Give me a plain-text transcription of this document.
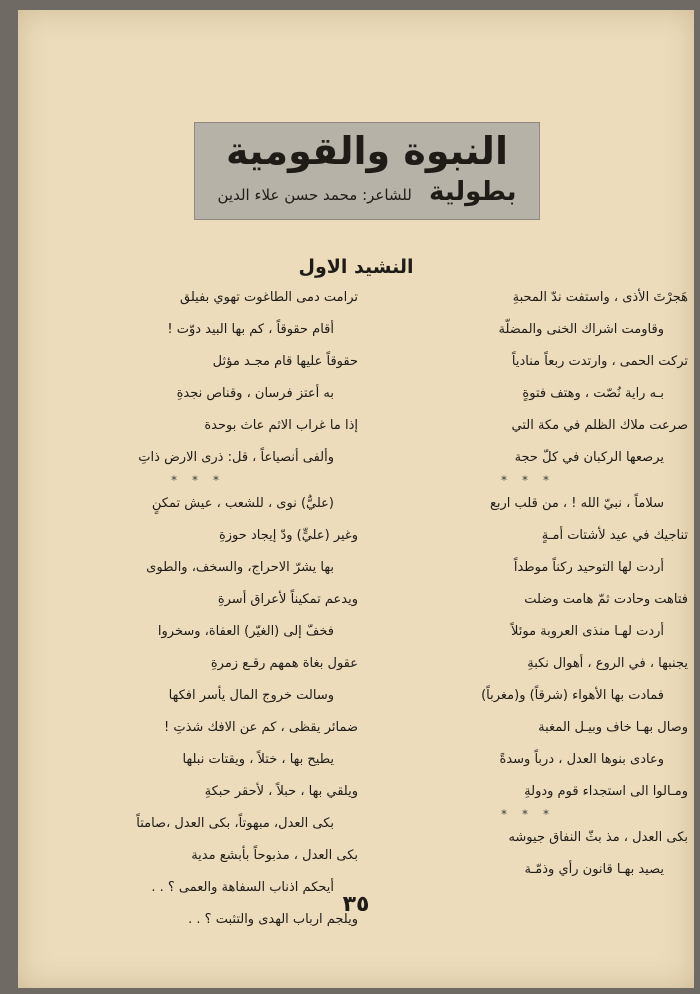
النبوة والقومية
بطولية للشاعر: محمد حسن علاء الدين
النشيد الاول
هَجرْتَ الأذى ، واستفت ندّ المحبةِ
وقاومت اشراك الخنى والمضلّة
تركت الحمى ، وارتدت ربعاً منادياً
بـه راية نُصّت ، وهتف فتوةٍ
صرعت ملاك الظلم في مكة التي
يرصعها الركبان في كلّ حجة
* * *
سلاماً ، نبيّ الله ! ، من قلب اربع
تناجيك في عيد لأشتات أمـةٍ
أردت لها التوحيد ركناً موطداً
فتاهت وحادت ثمّ هامت وضلت
أردت لهـا منذى العروبة موئلاً
يجنبها ، في الروع ، أهوال نكبةِ
فمادت بها الأهواء (شرقاً) و(مغرباً)
وصال بهـا خاف وبيـل المغبة
وعادى بنوها العدل ، درباً وسدةً
ومـالوا الى استجداء قوم ودولةِ
* * *
بكى العدل ، مذ بثّ النفاق جيوشه
يصيد بهـا قانون رأي وذمّـة
ترامت دمى الطاغوت تهوي بفيلق
أقام حقوقاً ، كم بها البيد دوّت !
حقوقاً عليها قام مجـد مؤثل
به أعتز فرسان ، وقناص نجدةِ
إذا ما غراب الاثم عاث بوحدة
وألفى أنصياعاً ، قل: ذرى الارض ذاتِ
* * *
(عليٌّ) نوى ، للشعب ، عيش تمكنٍ
وغير (عليٍّ) ودّ إيجاد حوزةِ
بها يشرّ الاحراج، والسخف، والطوى
ويدعم تمكيناً لأعراق أسرةِ
فخفّ إلى (الغيّر) العفاة، وسخروا
عقول بغاة همهم رقـع زمرةِ
وسالت خروج المال يأسر افكها
ضمائر يقظى ، كم عن الافك شذتِ !
يطيح بها ، ختلاً ، ويقتات نبلها
ويلقي بها ، حبلاً ، لأحقر حبكةِ
بكى العدل، مبهوتاً، بكى العدل ،صامتاً
بكى العدل ، مذبوحاً بأبشع مدية
أيحكم اذناب السفاهة والعمى ؟ . .
ويلجم ارباب الهدى والتثبت ؟ . .
٣٥
